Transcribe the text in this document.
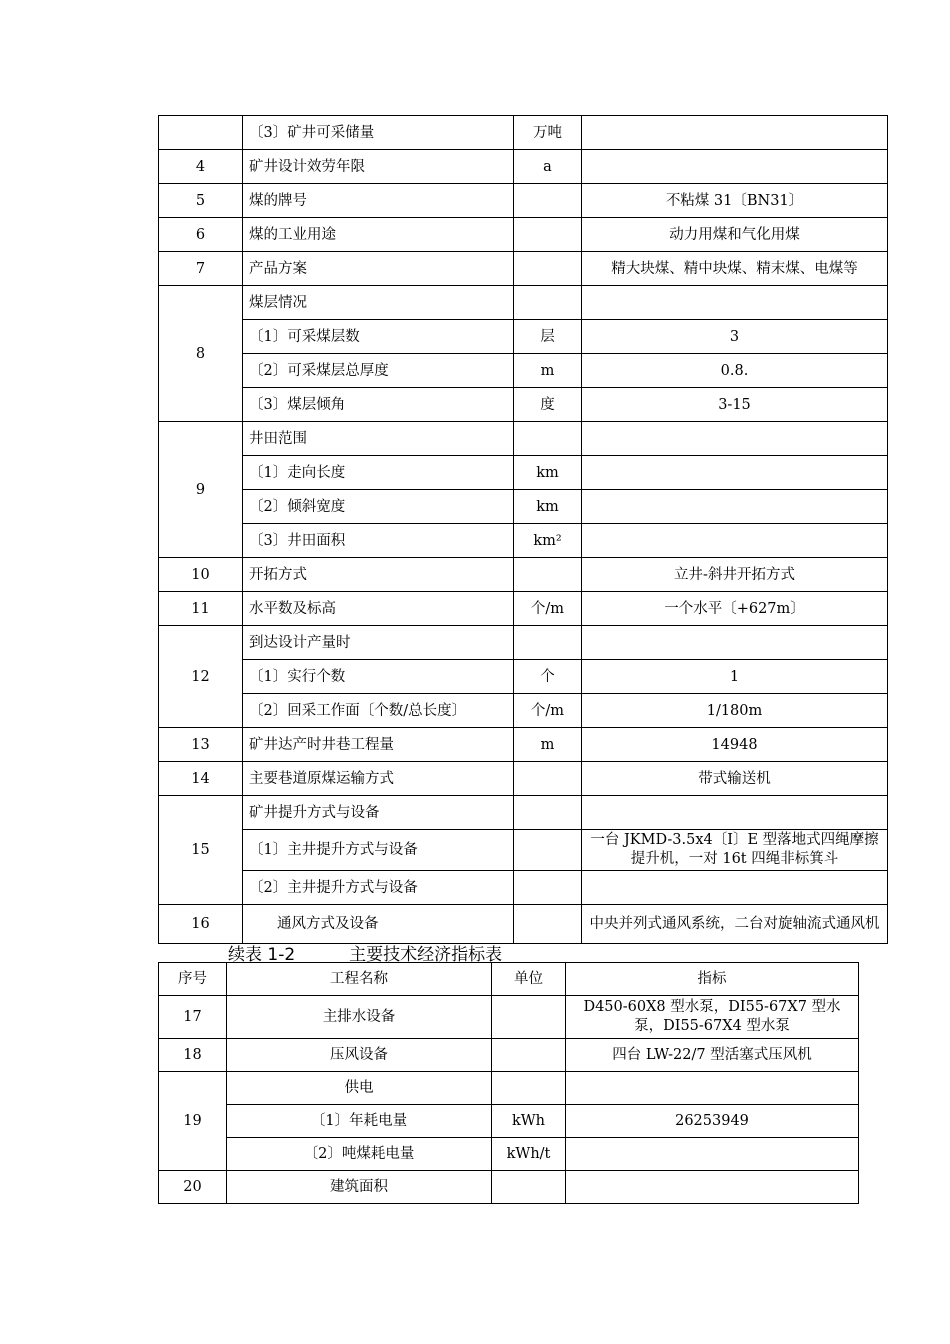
	〔3〕矿井可采储量	万吨	
4	矿井设计效劳年限	a	
5	煤的牌号		不粘煤 31〔BN31〕
6	煤的工业用途		动力用煤和气化用煤
7	产品方案		精大块煤、精中块煤、精末煤、电煤等
8	煤层情况		
	〔1〕可采煤层数	层	3
	〔2〕可采煤层总厚度	m	0.8.
	〔3〕煤层倾角	度	3-15
9	井田范围		
	〔1〕走向长度	km	
	〔2〕倾斜宽度	km	
	〔3〕井田面积	km²	
10	开拓方式		立井-斜井开拓方式
11	水平数及标高	个/m	一个水平〔+627m〕
12	到达设计产量时		
	〔1〕实行个数	个	1
	〔2〕回采工作面〔个数/总长度〕	个/m	1/180m
13	矿井达产时井巷工程量	m	14948
14	主要巷道原煤运输方式		带式输送机
15	矿井提升方式与设备		
	〔1〕主井提升方式与设备		一台 JKMD-3.5x4〔I〕E 型落地式四绳摩擦提升机，一对 16t 四绳非标箕斗
	〔2〕主井提升方式与设备		
16	通风方式及设备		中央并列式通风系统，二台对旋轴流式通风机
续表 1-2	主要技术经济指标表
序号	工程名称	单位	指标
17	主排水设备		D450-60X8 型水泵，DI55-67X7 型水泵，DI55-67X4 型水泵
18	压风设备		四台 LW-22/7 型活塞式压风机
19	供电		
	〔1〕年耗电量	kWh	26253949
	〔2〕吨煤耗电量	kWh/t	
20	建筑面积		
